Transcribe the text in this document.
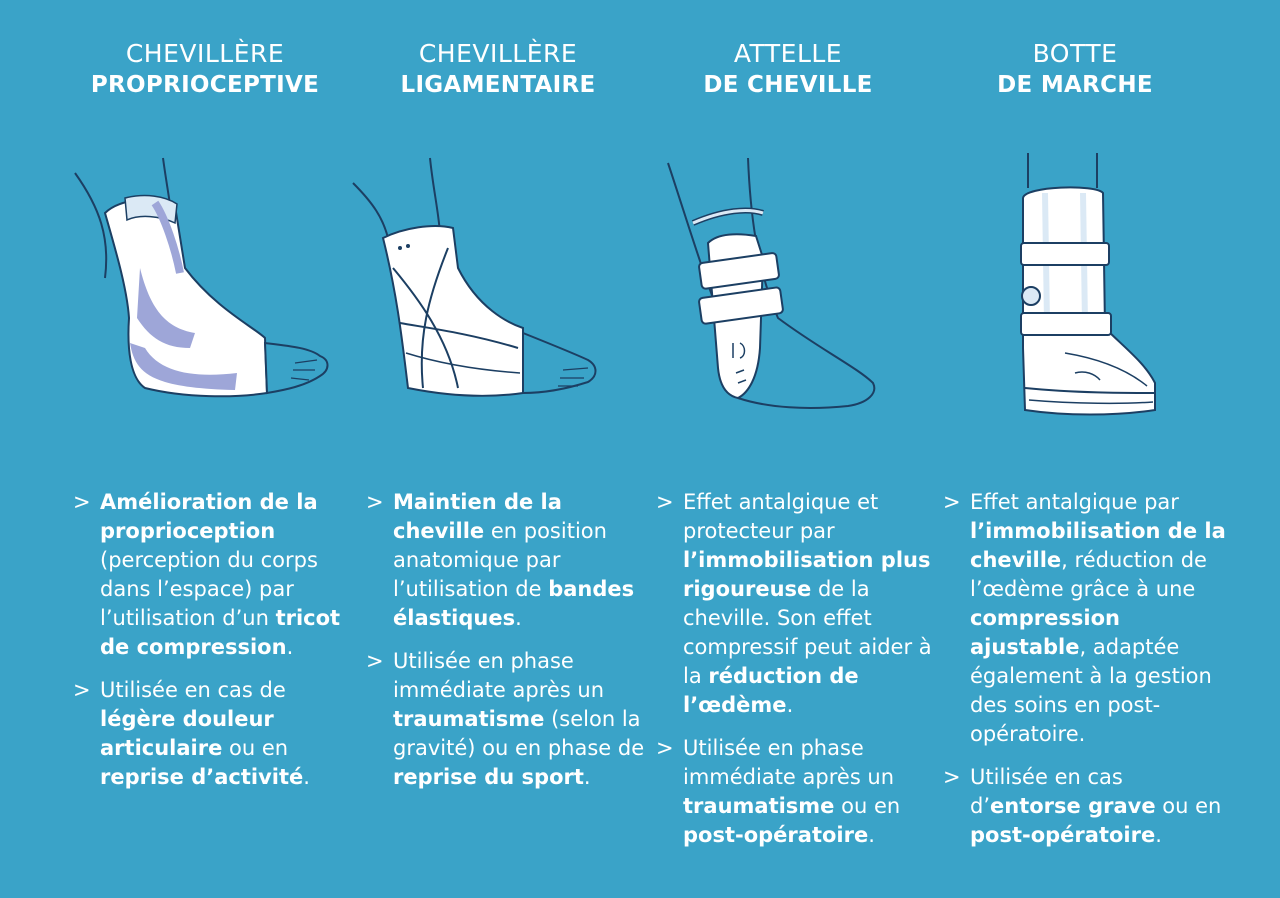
CHEVILLÈRE
PROPRIOCEPTIVE
> Amélioration de la proprioception (perception du corps dans l’espace) par l’utilisation d’un tricot de compression.
> Utilisée en cas de légère douleur articulaire ou en reprise d’activité.
CHEVILLÈRE
LIGAMENTAIRE
> Maintien de la cheville en position anatomique par l’utilisation de bandes élastiques.
> Utilisée en phase immédiate après un traumatisme (selon la gravité) ou en phase de reprise du sport.
ATTELLE
DE CHEVILLE
> Effet antalgique et protecteur par l’immobilisation plus rigoureuse de la cheville. Son effet compressif peut aider à la réduction de l’œdème.
> Utilisée en phase immédiate après un traumatisme ou en post-opératoire.
BOTTE
DE MARCHE
> Effet antalgique par l’immobilisation de la cheville, réduction de l’œdème grâce à une compression ajustable, adaptée également à la gestion des soins en post-opératoire.
> Utilisée en cas d’entorse grave ou en post-opératoire.
